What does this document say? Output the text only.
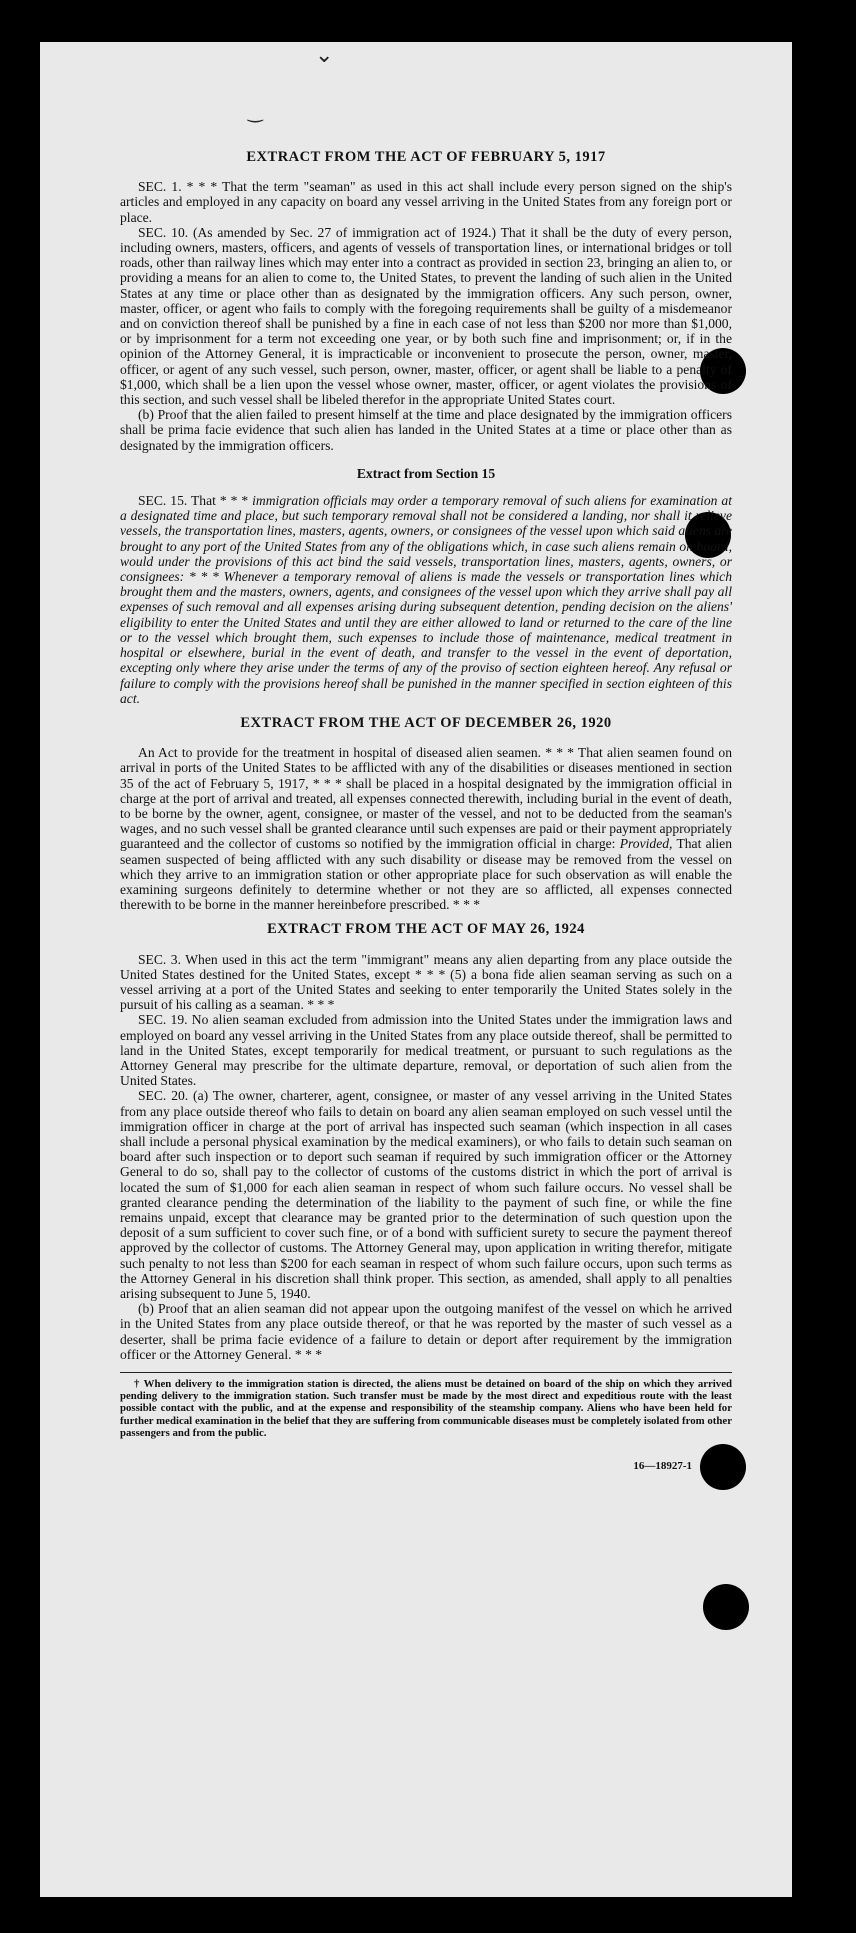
⌄
‿
EXTRACT FROM THE ACT OF FEBRUARY 5, 1917

SEC. 1. * * * That the term "seaman" as used in this act shall include every person signed on the ship's articles and employed in any capacity on board any vessel arriving in the United States from any foreign port or place.

SEC. 10. (As amended by Sec. 27 of immigration act of 1924.) That it shall be the duty of every person, including owners, masters, officers, and agents of vessels of transportation lines, or international bridges or toll roads, other than railway lines which may enter into a contract as provided in section 23, bringing an alien to, or providing a means for an alien to come to, the United States, to prevent the landing of such alien in the United States at any time or place other than as designated by the immigration officers. Any such person, owner, master, officer, or agent who fails to comply with the foregoing requirements shall be guilty of a misdemeanor and on conviction thereof shall be punished by a fine in each case of not less than $200 nor more than $1,000, or by imprisonment for a term not exceeding one year, or by both such fine and imprisonment; or, if in the opinion of the Attorney General, it is impracticable or inconvenient to prosecute the person, owner, master, officer, or agent of any such vessel, such person, owner, master, officer, or agent shall be liable to a penalty of $1,000, which shall be a lien upon the vessel whose owner, master, officer, or agent violates the provisions of this section, and such vessel shall be libeled therefor in the appropriate United States court.

(b) Proof that the alien failed to present himself at the time and place designated by the immigration officers shall be prima facie evidence that such alien has landed in the United States at a time or place other than as designated by the immigration officers.

Extract from Section 15

SEC. 15. That * * * immigration officials may order a temporary removal of such aliens for examination at a designated time and place, but such temporary removal shall not be considered a landing, nor shall it relieve vessels, the transportation lines, masters, agents, owners, or consignees of the vessel upon which said aliens are brought to any port of the United States from any of the obligations which, in case such aliens remain on board, would under the provisions of this act bind the said vessels, transportation lines, masters, agents, owners, or consignees: * * * Whenever a temporary removal of aliens is made the vessels or transportation lines which brought them and the masters, owners, agents, and consignees of the vessel upon which they arrive shall pay all expenses of such removal and all expenses arising during subsequent detention, pending decision on the aliens' eligibility to enter the United States and until they are either allowed to land or returned to the care of the line or to the vessel which brought them, such expenses to include those of maintenance, medical treatment in hospital or elsewhere, burial in the event of death, and transfer to the vessel in the event of deportation, excepting only where they arise under the terms of any of the proviso of section eighteen hereof. Any refusal or failure to comply with the provisions hereof shall be punished in the manner specified in section eighteen of this act.

EXTRACT FROM THE ACT OF DECEMBER 26, 1920

An Act to provide for the treatment in hospital of diseased alien seamen. * * * That alien seamen found on arrival in ports of the United States to be afflicted with any of the disabilities or diseases mentioned in section 35 of the act of February 5, 1917, * * * shall be placed in a hospital designated by the immigration official in charge at the port of arrival and treated, all expenses connected therewith, including burial in the event of death, to be borne by the owner, agent, consignee, or master of the vessel, and not to be deducted from the seaman's wages, and no such vessel shall be granted clearance until such expenses are paid or their payment appropriately guaranteed and the collector of customs so notified by the immigration official in charge: Provided, That alien seamen suspected of being afflicted with any such disability or disease may be removed from the vessel on which they arrive to an immigration station or other appropriate place for such observation as will enable the examining surgeons definitely to determine whether or not they are so afflicted, all expenses connected therewith to be borne in the manner hereinbefore prescribed. * * *

EXTRACT FROM THE ACT OF MAY 26, 1924

SEC. 3. When used in this act the term "immigrant" means any alien departing from any place outside the United States destined for the United States, except * * * (5) a bona fide alien seaman serving as such on a vessel arriving at a port of the United States and seeking to enter temporarily the United States solely in the pursuit of his calling as a seaman. * * *

SEC. 19. No alien seaman excluded from admission into the United States under the immigration laws and employed on board any vessel arriving in the United States from any place outside thereof, shall be permitted to land in the United States, except temporarily for medical treatment, or pursuant to such regulations as the Attorney General may prescribe for the ultimate departure, removal, or deportation of such alien from the United States.

SEC. 20. (a) The owner, charterer, agent, consignee, or master of any vessel arriving in the United States from any place outside thereof who fails to detain on board any alien seaman employed on such vessel until the immigration officer in charge at the port of arrival has inspected such seaman (which inspection in all cases shall include a personal physical examination by the medical examiners), or who fails to detain such seaman on board after such inspection or to deport such seaman if required by such immigration officer or the Attorney General to do so, shall pay to the collector of customs of the customs district in which the port of arrival is located the sum of $1,000 for each alien seaman in respect of whom such failure occurs. No vessel shall be granted clearance pending the determination of the liability to the payment of such fine, or while the fine remains unpaid, except that clearance may be granted prior to the determination of such question upon the deposit of a sum sufficient to cover such fine, or of a bond with sufficient surety to secure the payment thereof approved by the collector of customs. The Attorney General may, upon application in writing therefor, mitigate such penalty to not less than $200 for each seaman in respect of whom such failure occurs, upon such terms as the Attorney General in his discretion shall think proper. This section, as amended, shall apply to all penalties arising subsequent to June 5, 1940.

(b) Proof that an alien seaman did not appear upon the outgoing manifest of the vessel on which he arrived in the United States from any place outside thereof, or that he was reported by the master of such vessel as a deserter, shall be prima facie evidence of a failure to detain or deport after requirement by the immigration officer or the Attorney General. * * *

† When delivery to the immigration station is directed, the aliens must be detained on board of the ship on which they arrived pending delivery to the immigration station. Such transfer must be made by the most direct and expeditious route with the least possible contact with the public, and at the expense and responsibility of the steamship company. Aliens who have been held for further medical examination in the belief that they are suffering from communicable diseases must be completely isolated from other passengers and from the public.

16—18927-1
